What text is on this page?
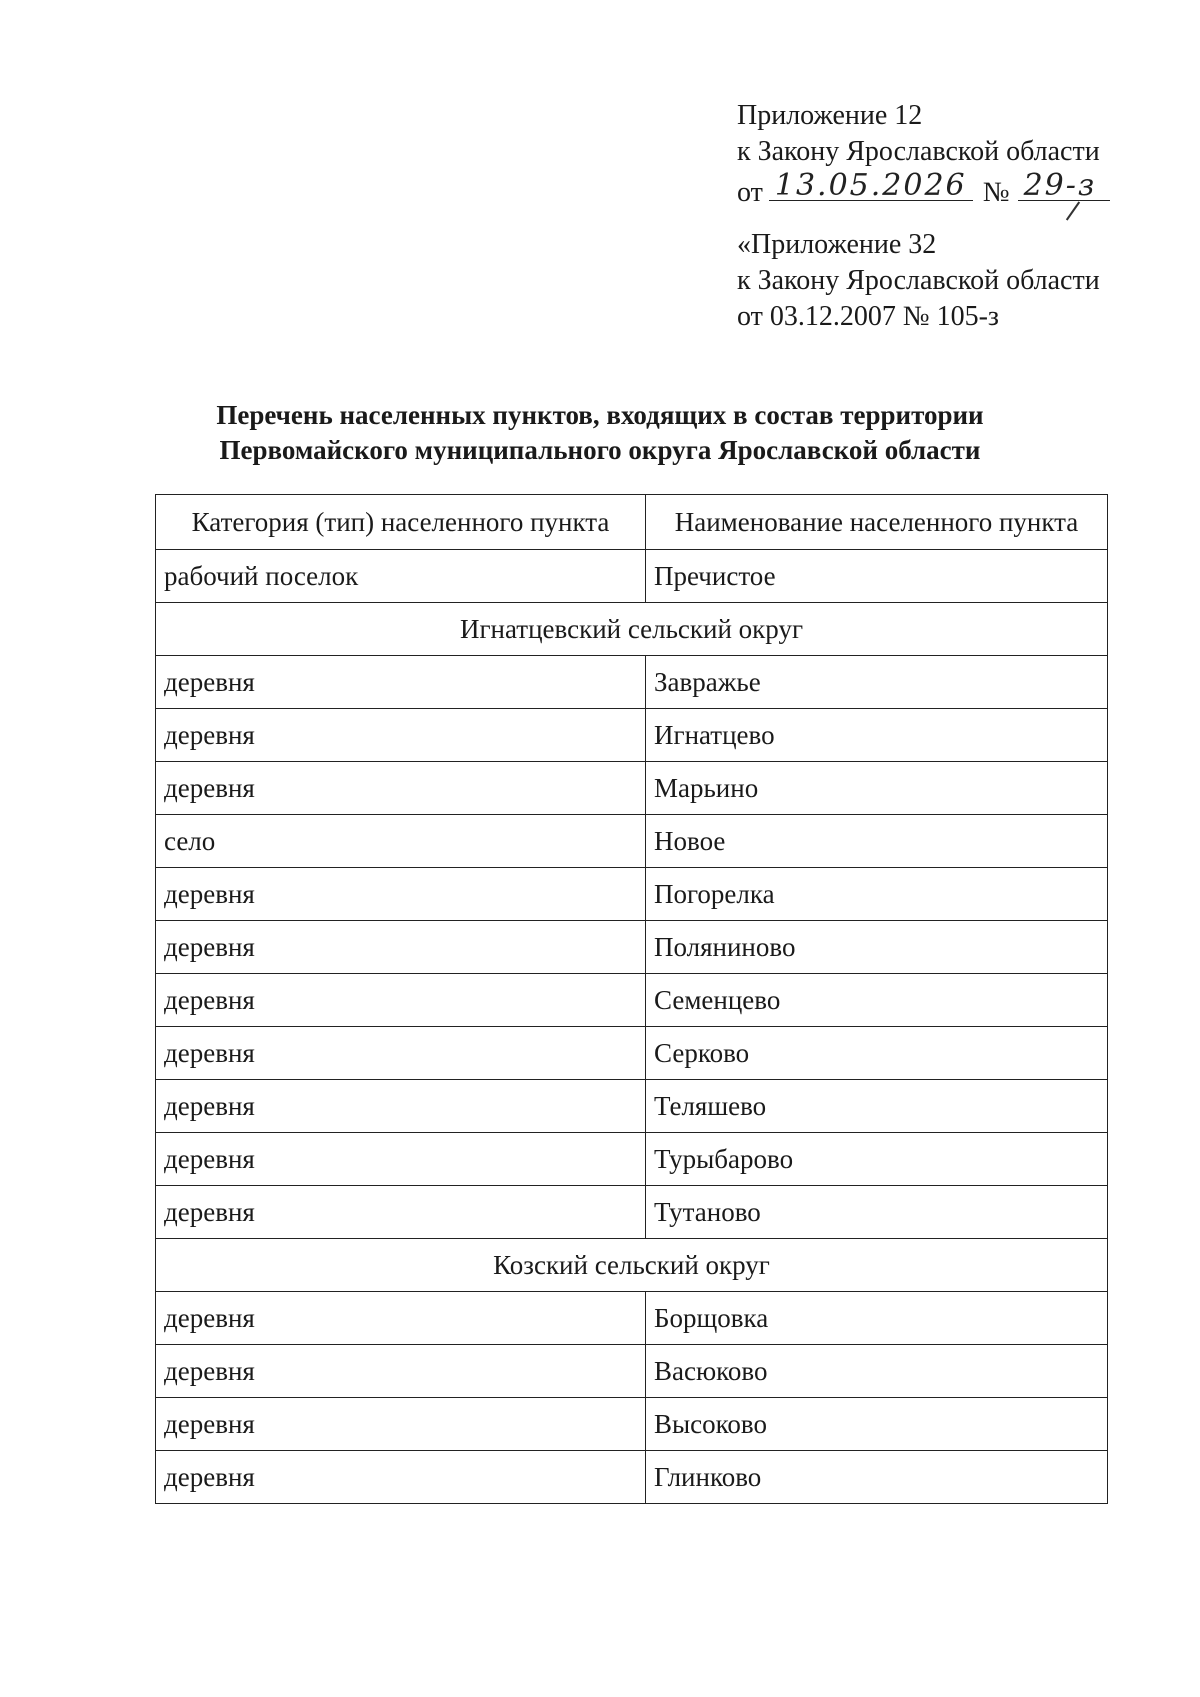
Приложение 12
к Закону Ярославской области
от 13.05.2026 № 29-з
«Приложение 32
к Закону Ярославской области
от 03.12.2007 № 105-з
Перечень населенных пунктов, входящих в состав территории
Первомайского муниципального округа Ярославской области
Категория (тип) населенного пункта	Наименование населенного пункта
рабочий поселок	Пречистое
Игнатцевский сельский округ	
деревня	Завражье
деревня	Игнатцево
деревня	Марьино
село	Новое
деревня	Погорелка
деревня	Поляниново
деревня	Семенцево
деревня	Серково
деревня	Теляшево
деревня	Турыбарово
деревня	Тутаново
Козский сельский округ	
деревня	Борщовка
деревня	Васюково
деревня	Высоково
деревня	Глинково
